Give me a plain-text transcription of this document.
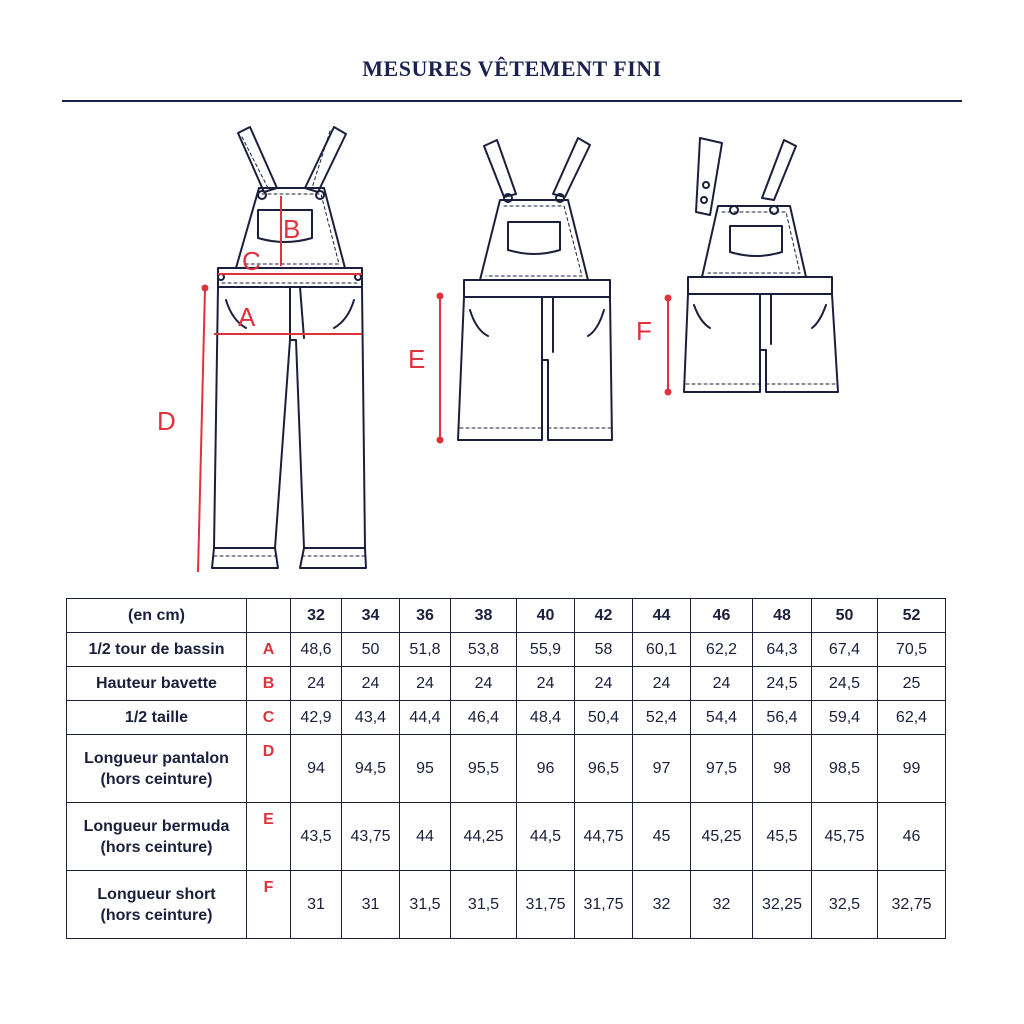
MESURES VÊTEMENT FINI
A
B
C
D
E
F
(en cm)		32	34	36	38	40	42	44	46	48	50	52

1/2 tour de bassin	A	48,6	50	51,8	53,8	55,9	58	60,1	62,2	64,3	67,4	70,5

Hauteur bavette	B	24	24	24	24	24	24	24	24	24,5	24,5	25

1/2 taille	C	42,9	43,4	44,4	46,4	48,4	50,4	52,4	54,4	56,4	59,4	62,4

Longueur pantalon
(hors ceinture)	D	94	94,5	95	95,5	96	96,5	97	97,5	98	98,5	99

Longueur bermuda
(hors ceinture)	E	43,5	43,75	44	44,25	44,5	44,75	45	45,25	45,5	45,75	46

Longueur short
(hors ceinture)	F	31	31	31,5	31,5	31,75	31,75	32	32	32,25	32,5	32,75
